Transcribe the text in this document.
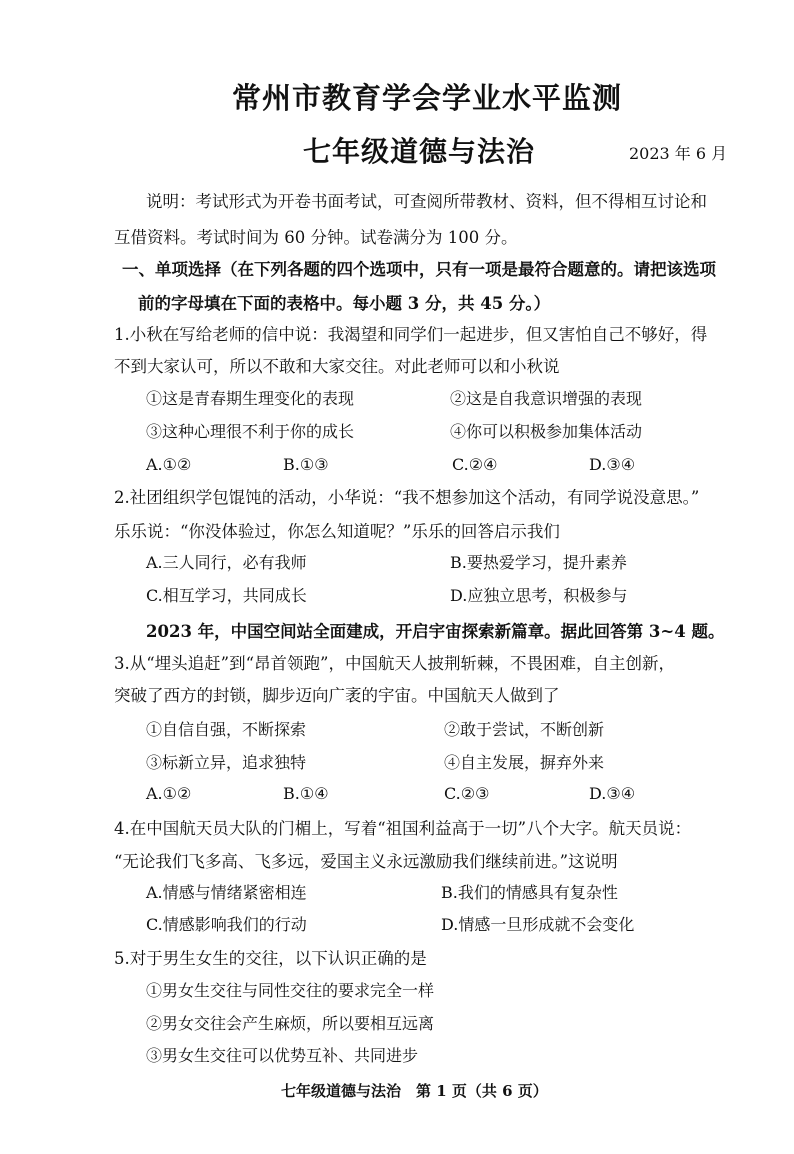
常州市教育学会学业水平监测
七年级道德与法治	2023 年 6 月
说明：考试形式为开卷书面考试，可查阅所带教材、资料，但不得相互讨论和
互借资料。考试时间为 60 分钟。试卷满分为 100 分。
一、单项选择（在下列各题的四个选项中，只有一项是最符合题意的。请把该选项
前的字母填在下面的表格中。每小题 3 分，共 45 分。）
1.小秋在写给老师的信中说：我渴望和同学们一起进步，但又害怕自己不够好，得
不到大家认可，所以不敢和大家交往。对此老师可以和小秋说
①这是青春期生理变化的表现	②这是自我意识增强的表现
③这种心理很不利于你的成长	④你可以积极参加集体活动
A.①②	B.①③	C.②④	D.③④
2.社团组织学包馄饨的活动，小华说：“我不想参加这个活动，有同学说没意思。”
乐乐说：“你没体验过，你怎么知道呢？”乐乐的回答启示我们
A.三人同行，必有我师	B.要热爱学习，提升素养
C.相互学习，共同成长	D.应独立思考，积极参与
2023 年，中国空间站全面建成，开启宇宙探索新篇章。据此回答第 3~4 题。
3.从“埋头追赶”到“昂首领跑”，中国航天人披荆斩棘，不畏困难，自主创新，
突破了西方的封锁，脚步迈向广袤的宇宙。中国航天人做到了
①自信自强，不断探索	②敢于尝试，不断创新
③标新立异，追求独特	④自主发展，摒弃外来
A.①②	B.①④	C.②③	D.③④
4.在中国航天员大队的门楣上，写着“祖国利益高于一切”八个大字。航天员说：
“无论我们飞多高、飞多远，爱国主义永远激励我们继续前进。”这说明
A.情感与情绪紧密相连	B.我们的情感具有复杂性
C.情感影响我们的行动	D.情感一旦形成就不会变化
5.对于男生女生的交往，以下认识正确的是
①男女生交往与同性交往的要求完全一样
②男女交往会产生麻烦，所以要相互远离
③男女生交往可以优势互补、共同进步
七年级道德与法治　第 1 页（共 6 页）
